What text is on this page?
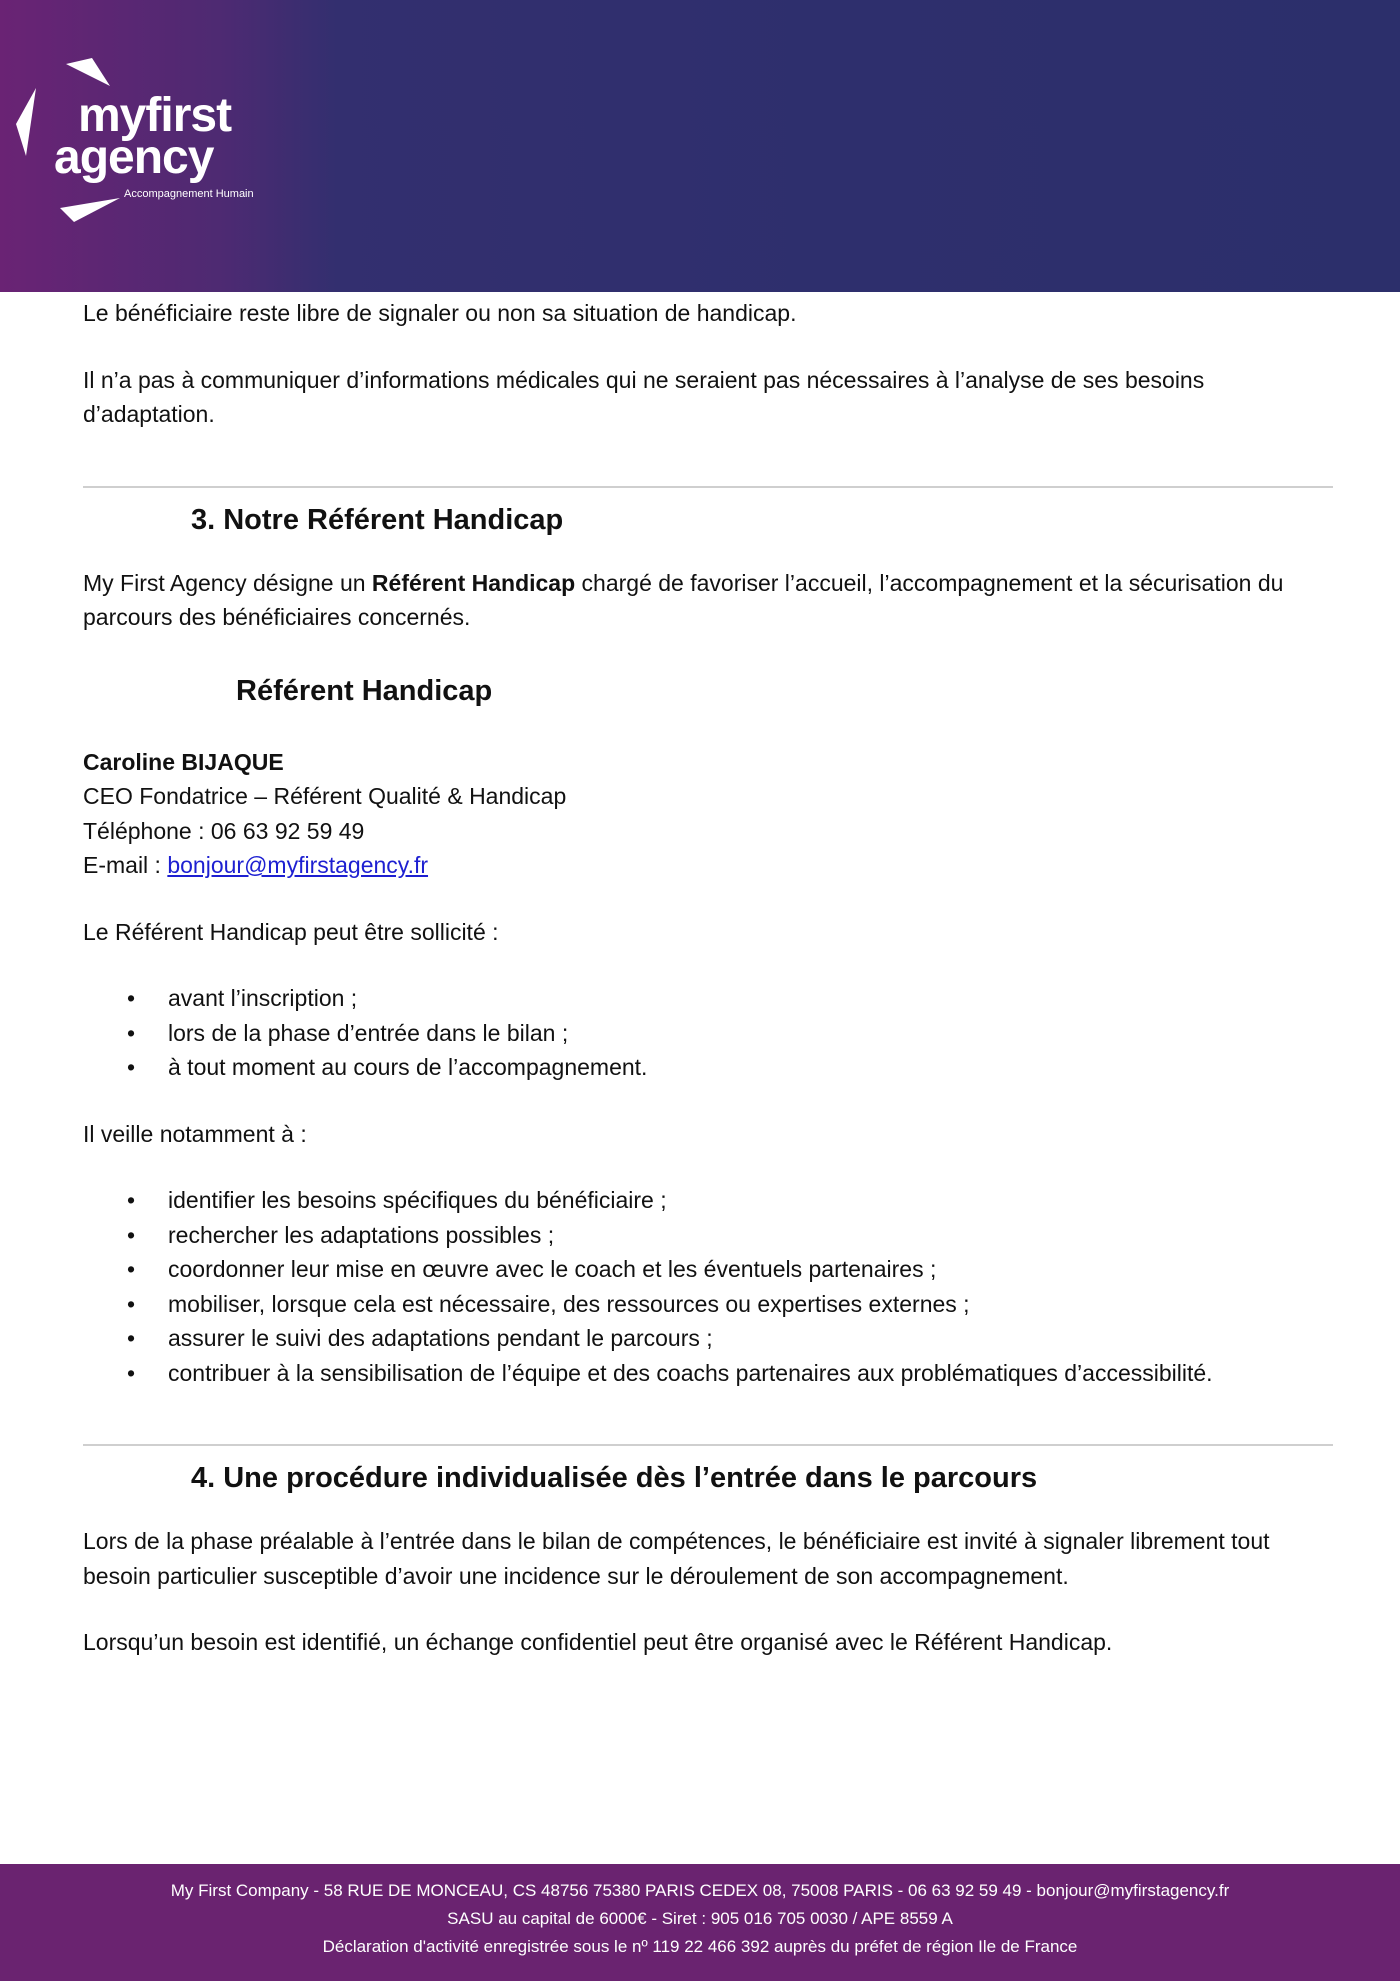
myfirst
agency
Accompagnement Humain

Le bénéficiaire reste libre de signaler ou non sa situation de handicap.

Il n’a pas à communiquer d’informations médicales qui ne seraient pas nécessaires à l’analyse de ses besoins d’adaptation.

3. Notre Référent Handicap

My First Agency désigne un Référent Handicap chargé de favoriser l’accueil, l’accompagnement et la sécurisation du parcours des bénéficiaires concernés.

Référent Handicap

Caroline BIJAQUE

CEO Fondatrice – Référent Qualité & Handicap

Téléphone : 06 63 92 59 49

E-mail : bonjour@myfirstagency.fr

Le Référent Handicap peut être sollicité :

• avant l’inscription ;
• lors de la phase d’entrée dans le bilan ;
• à tout moment au cours de l’accompagnement.

Il veille notamment à :

• identifier les besoins spécifiques du bénéficiaire ;
• rechercher les adaptations possibles ;
• coordonner leur mise en œuvre avec le coach et les éventuels partenaires ;
• mobiliser, lorsque cela est nécessaire, des ressources ou expertises externes ;
• assurer le suivi des adaptations pendant le parcours ;
• contribuer à la sensibilisation de l’équipe et des coachs partenaires aux problématiques d’accessibilité.
4. Une procédure individualisée dès l’entrée dans le parcours

Lors de la phase préalable à l’entrée dans le bilan de compétences, le bénéficiaire est invité à signaler librement tout besoin particulier susceptible d’avoir une incidence sur le déroulement de son accompagnement.

Lorsqu’un besoin est identifié, un échange confidentiel peut être organisé avec le Référent Handicap.

My First Company - 58 RUE DE MONCEAU, CS 48756 75380 PARIS CEDEX 08, 75008 PARIS - 06 63 92 59 49 - bonjour@myfirstagency.fr
SASU au capital de 6000€ - Siret : 905 016 705 0030 / APE 8559 A
Déclaration d'activité enregistrée sous le nº 119 22 466 392 auprès du préfet de région Ile de France
